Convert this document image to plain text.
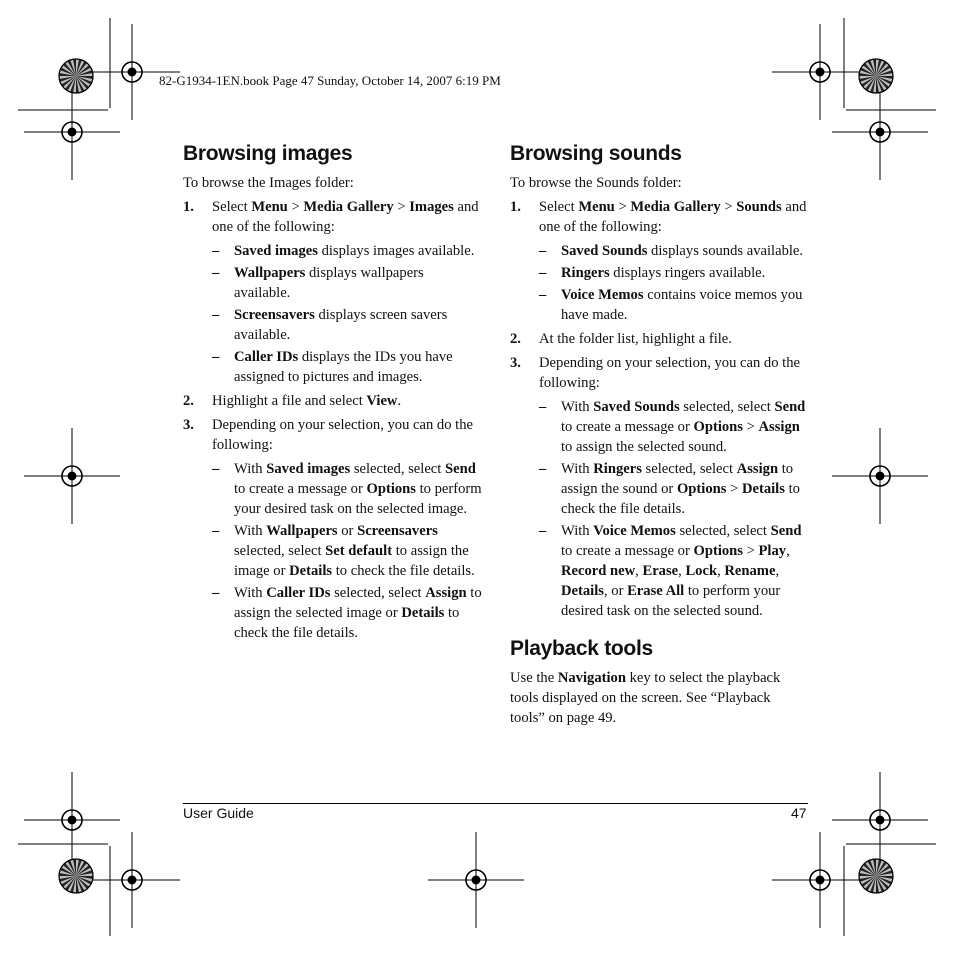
82-G1934-1EN.book Page 47 Sunday, October 14, 2007 6:19 PM
Browsing images

To browse the Images folder:

1. Select Menu > Media Gallery > Images and one of the following:
– Saved images displays images available.
– Wallpapers displays wallpapers available.
– Screensavers displays screen savers available.
– Caller IDs displays the IDs you have assigned to pictures and images.
2. Highlight a file and select View.
3. Depending on your selection, you can do the following:
– With Saved images selected, select Send to create a message or Options to perform your desired task on the selected image.
– With Wallpapers or Screensavers selected, select Set default to assign the image or Details to check the file details.
– With Caller IDs selected, select Assign to assign the selected image or Details to check the file details.
Browsing sounds

To browse the Sounds folder:

1. Select Menu > Media Gallery > Sounds and one of the following:
– Saved Sounds displays sounds available.
– Ringers displays ringers available.
– Voice Memos contains voice memos you have made.
2. At the folder list, highlight a file.
3. Depending on your selection, you can do the following:
– With Saved Sounds selected, select Send to create a message or Options > Assign to assign the selected sound.
– With Ringers selected, select Assign to assign the sound or Options > Details to check the file details.
– With Voice Memos selected, select Send to create a message or Options > Play, Record new, Erase, Lock, Rename, Details, or Erase All to perform your desired task on the selected sound.
Playback tools

Use the Navigation key to select the playback tools displayed on the screen. See “Playback tools” on page 49.

User Guide	47
